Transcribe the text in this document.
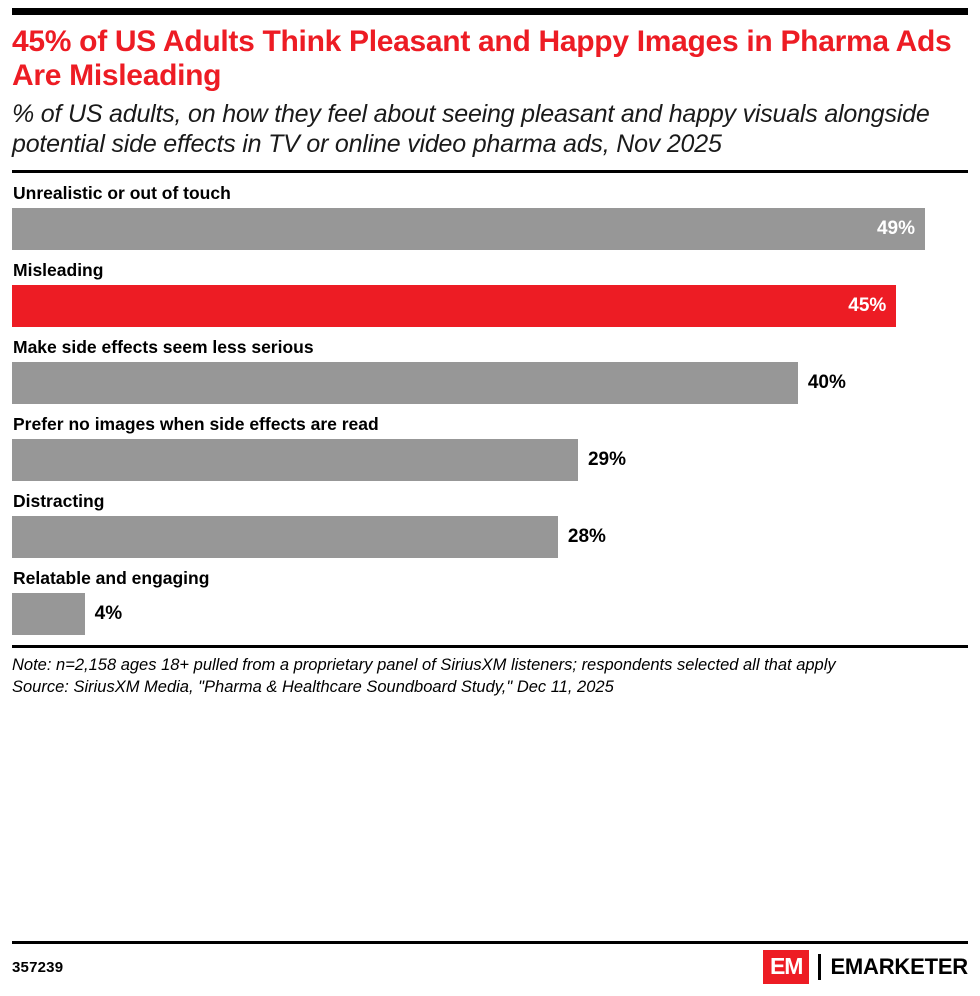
45% of US Adults Think Pleasant and Happy Images in Pharma Ads Are Misleading
% of US adults, on how they feel about seeing pleasant and happy visuals alongside potential side effects in TV or online video pharma ads, Nov 2025
Unrealistic or out of touch
49%
Misleading
45%
Make side effects seem less serious
40%
Prefer no images when side effects are read
29%
Distracting
28%
Relatable and engaging
4%
Note: n=2,158 ages 18+ pulled from a proprietary panel of SiriusXM listeners; respondents selected all that apply
Source: SiriusXM Media, "Pharma & Healthcare Soundboard Study," Dec 11, 2025
357239	EM	EMARKETER
